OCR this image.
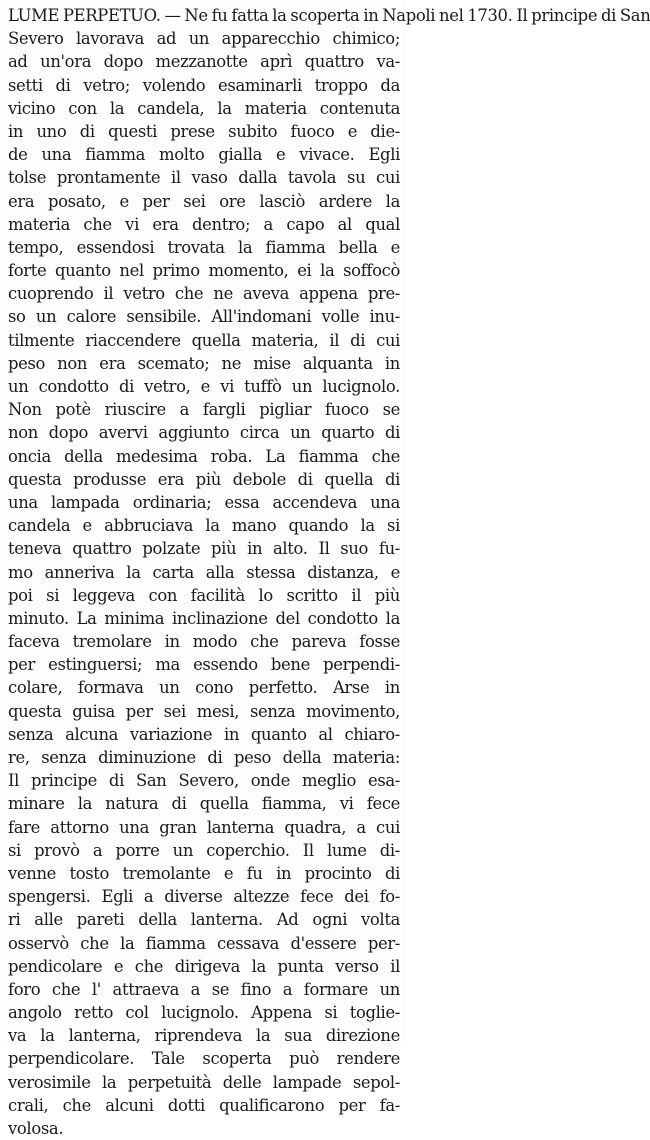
LUME PERPETUO. — Ne fu fatta la scoperta in Napoli nel 1730. Il principe di San
Severo lavorava ad un apparecchio chimico;
ad un'ora dopo mezzanotte aprì quattro va-
setti di vetro; volendo esaminarli troppo da
vicino con la candela, la materia contenuta
in uno di questi prese subito fuoco e die-
de una fiamma molto gialla e vivace. Egli
tolse prontamente il vaso dalla tavola su cui
era posato, e per sei ore lasciò ardere la
materia che vi era dentro; a capo al qual
tempo, essendosi trovata la fiamma bella e
forte quanto nel primo momento, ei la soffocò
cuoprendo il vetro che ne aveva appena pre-
so un calore sensibile. All'indomani volle inu-
tilmente riaccendere quella materia, il di cui
peso non era scemato; ne mise alquanta in
un condotto di vetro, e vi tuffò un lucignolo.
Non potè riuscire a fargli pigliar fuoco se
non dopo avervi aggiunto circa un quarto di
oncia della medesima roba. La fiamma che
questa produsse era più debole di quella di
una lampada ordinaria; essa accendeva una
candela e abbruciava la mano quando la si
teneva quattro polzate più in alto. Il suo fu-
mo anneriva la carta alla stessa distanza, e
poi si leggeva con facilità lo scritto il più
minuto. La minima inclinazione del condotto la
faceva tremolare in modo che pareva fosse
per estinguersi; ma essendo bene perpendi-
colare, formava un cono perfetto. Arse in
questa guisa per sei mesi, senza movimento,
senza alcuna variazione in quanto al chiaro-
re, senza diminuzione di peso della materia:
Il principe di San Severo, onde meglio esa-
minare la natura di quella fiamma, vi fece
fare attorno una gran lanterna quadra, a cui
si provò a porre un coperchio. Il lume di-
venne tosto tremolante e fu in procinto di
spengersi. Egli a diverse altezze fece dei fo-
ri alle pareti della lanterna. Ad ogni volta
osservò che la fiamma cessava d'essere per-
pendicolare e che dirigeva la punta verso il
foro che l' attraeva a se fino a formare un
angolo retto col lucignolo. Appena si toglie-
va la lanterna, riprendeva la sua direzione
perpendicolare. Tale scoperta può rendere
verosimile la perpetuità delle lampade sepol-
crali, che alcuni dotti qualificarono per fa-
volosa.
